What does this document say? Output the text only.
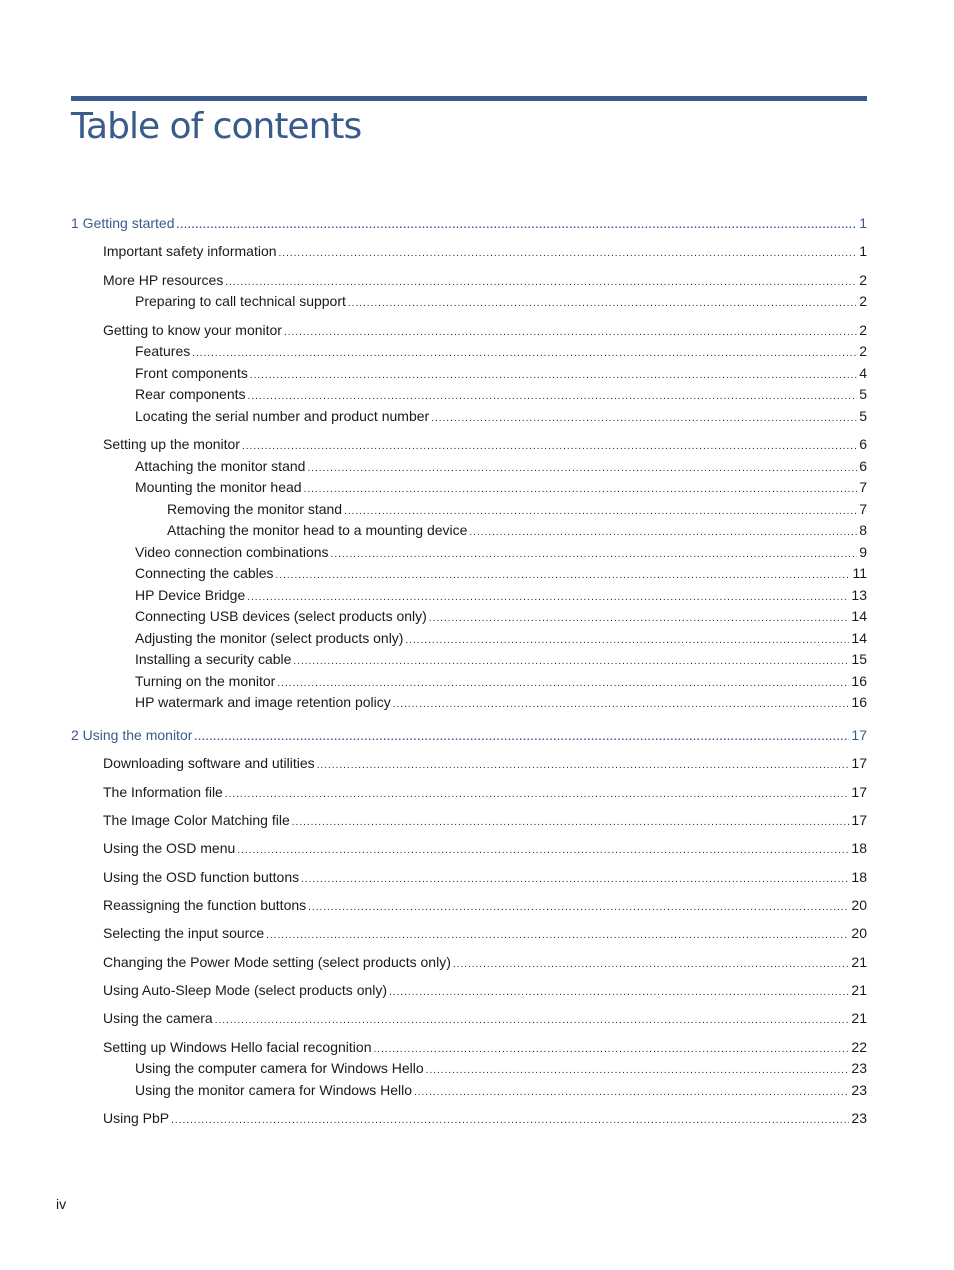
Table of contents
1 Getting started .....	1
Important safety information .....	1
More HP resources .....	2
Preparing to call technical support .....	2
Getting to know your monitor .....	2
Features .....	2
Front components .....	4
Rear components .....	5
Locating the serial number and product number .....	5
Setting up the monitor .....	6
Attaching the monitor stand .....	6
Mounting the monitor head .....	7
Removing the monitor stand .....	7
Attaching the monitor head to a mounting device .....	8
Video connection combinations .....	9
Connecting the cables .....	11
HP Device Bridge .....	13
Connecting USB devices (select products only) .....	14
Adjusting the monitor (select products only) .....	14
Installing a security cable .....	15
Turning on the monitor .....	16
HP watermark and image retention policy .....	16
2 Using the monitor .....	17
Downloading software and utilities .....	17
The Information file .....	17
The Image Color Matching file .....	17
Using the OSD menu .....	18
Using the OSD function buttons .....	18
Reassigning the function buttons .....	20
Selecting the input source .....	20
Changing the Power Mode setting (select products only) .....	21
Using Auto-Sleep Mode (select products only) .....	21
Using the camera .....	21
Setting up Windows Hello facial recognition .....	22
Using the computer camera for Windows Hello .....	23
Using the monitor camera for Windows Hello .....	23
Using PbP .....	23
iv
